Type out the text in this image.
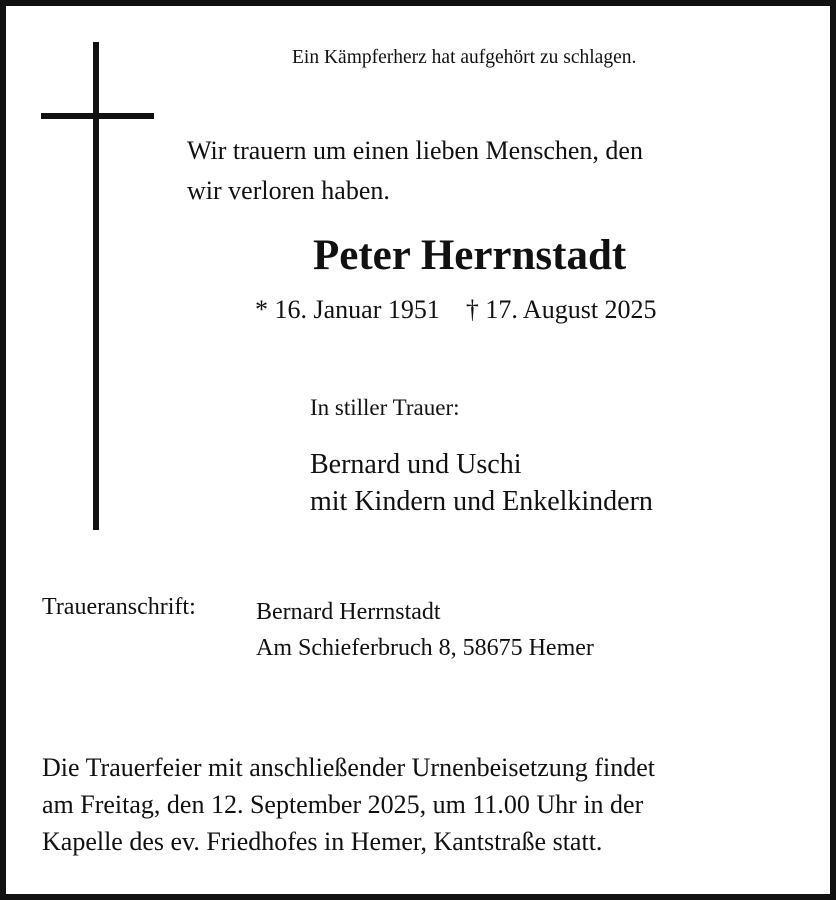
Ein Kämpferherz hat aufgehört zu schlagen.

Wir trauern um einen lieben Menschen, den
wir verloren haben.
Peter Herrnstadt
* 16. Januar 1951 † 17. August 2025

In stiller Trauer:

Bernard und Uschi
mit Kindern und Enkelkindern

Traueranschrift:	Bernard Herrnstadt
Am Schieferbruch 8, 58675 Hemer
Die Trauerfeier mit anschließender Urnenbeisetzung findet
am Freitag, den 12. September 2025, um 11.00 Uhr in der
Kapelle des ev. Friedhofes in Hemer, Kantstraße statt.
